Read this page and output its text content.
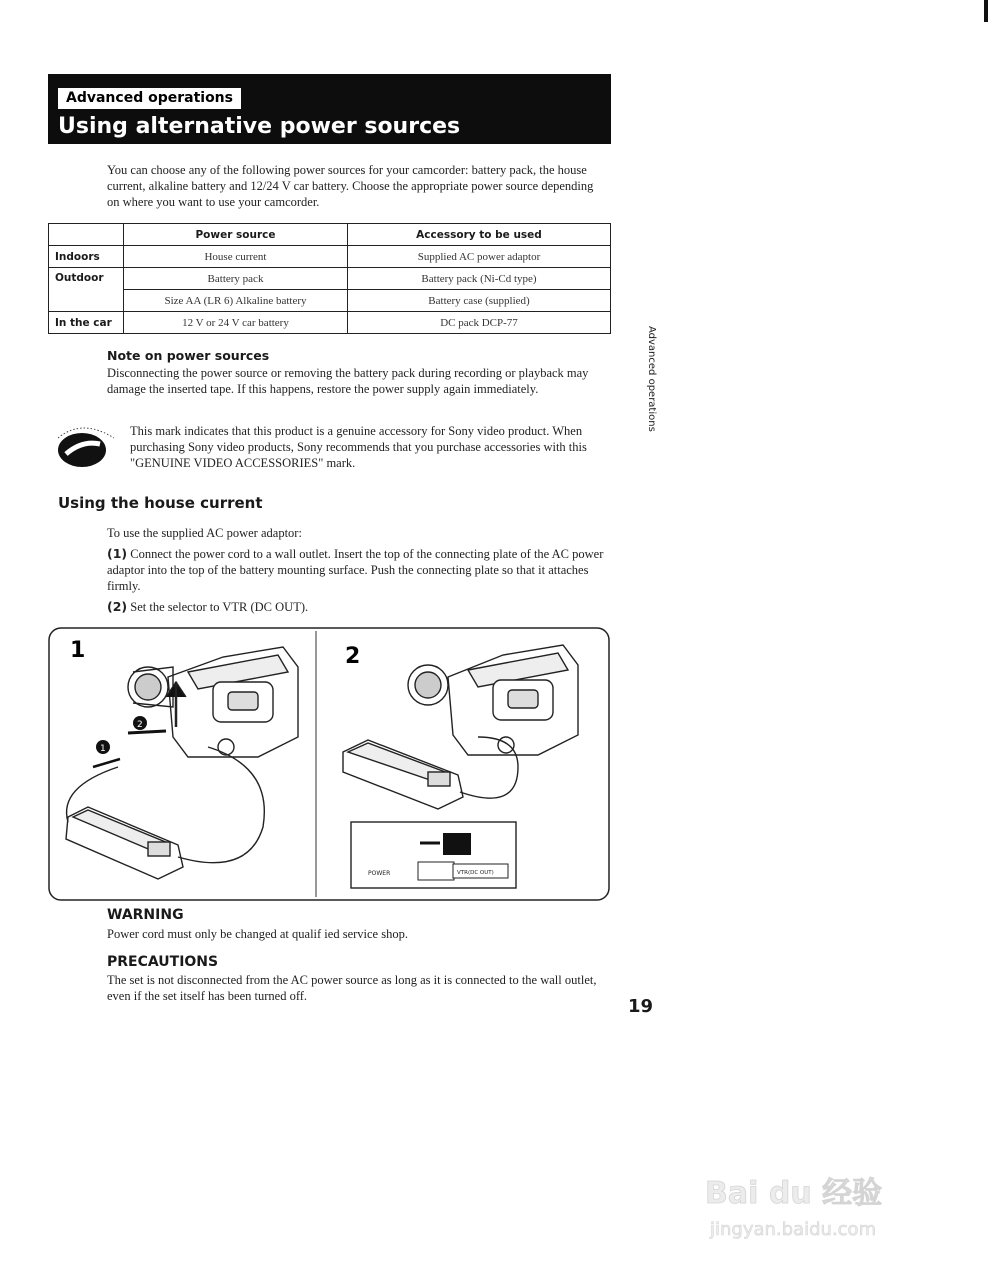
Advanced operations
Using alternative power sources
You can choose any of the following power sources for your camcorder: battery pack, the house current, alkaline battery and 12/24 V car battery. Choose the appropriate power source depending on where you want to use your camcorder.
	Power source	Accessory to be used
Indoors	House current	Supplied AC power adaptor
Outdoor	Battery pack	Battery pack (Ni-Cd type)
	Size AA (LR 6) Alkaline battery	Battery case (supplied)
In the car	12 V or 24 V car battery	DC pack DCP-77
Note on power sources
Disconnecting the power source or removing the battery pack during recording or playback may damage the inserted tape. If this happens, restore the power supply again immediately.
This mark indicates that this product is a genuine accessory for Sony video product. When purchasing Sony video products, Sony recommends that you purchase accessories with this "GENUINE VIDEO ACCESSORIES" mark.
Using the house current
To use the supplied AC power adaptor:
(1) Connect the power cord to a wall outlet. Insert the top of the connecting plate of the AC power adaptor into the top of the battery mounting surface. Push the connecting plate so that it attaches firmly.
(2) Set the selector to VTR (DC OUT).
1	2
2
1
POWER	VTR(DC OUT)
WARNING
Power cord must only be changed at qualif ied service shop.
PRECAUTIONS
The set is not disconnected from the AC power source as long as it is connected to the wall outlet, even if the set itself has been turned off.	19
Advanced operations
Bai du 经验
jingyan.baidu.com
